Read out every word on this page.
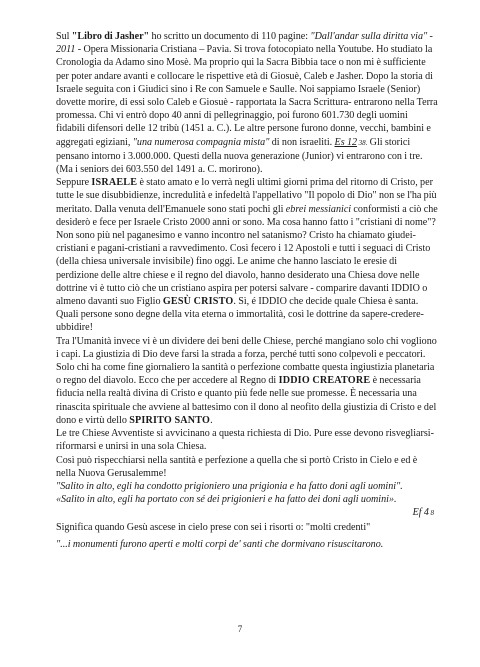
Sul "Libro di Jasher" ho scritto un documento di 110 pagine: "Dall'andar sulla diritta via" - 2011 - Opera Missionaria Cristiana – Pavia. Si trova fotocopiato nella Youtube. Ho studiato la Cronologia da Adamo sino Mosè. Ma proprio qui la Sacra Bibbia tace o non mi è sufficiente per poter andare avanti e collocare le rispettive età di Giosuè, Caleb e Jasher. Dopo la storia di Israele seguita con i Giudici sino i Re con Samuele e Saulle. Noi sappiamo Israele (Senior) dovette morire, di essi solo Caleb e Giosuè - rapportata la Sacra Scrittura- entrarono nella Terra promessa. Chi vi entrò dopo 40 anni di pellegrinaggio, poi furono 601.730 degli uomini fidabili difensori delle 12 tribù (1451 a. C.). Le altre persone furono donne, vecchi, bambini e aggregati egiziani, "una numerosa compagnia mista" di non israeliti. Es 12 38. Gli storici pensano intorno i 3.000.000. Questi della nuova generazione (Junior) vi entrarono con i tre. (Ma i seniors dei 603.550 del 1491 a. C. morirono).

Seppure ISRAELE è stato amato e lo verrà negli ultimi giorni prima del ritorno di Cristo, per tutte le sue disubbidienze, incredulità e infedeltà l'appellativo "Il popolo di Dio" non se l'ha più meritato. Dalla venuta dell'Emanuele sono stati pochi gli ebrei messianici conformisti a ciò che desiderò e fece per Israele Cristo 2000 anni or sono. Ma cosa hanno fatto i "cristiani di nome"? Non sono più nel paganesimo e vanno incontro nel satanismo? Cristo ha chiamato giudei-cristiani e pagani-cristiani a ravvedimento. Così fecero i 12 Apostoli e tutti i seguaci di Cristo (della chiesa universale invisibile) fino oggi. Le anime che hanno lasciato le eresie di perdizione delle altre chiese e il regno del diavolo, hanno desiderato una Chiesa dove nelle dottrine vi è tutto ciò che un cristiano aspira per potersi salvare - comparire davanti IDDIO o almeno davanti suo Figlio GESÙ CRISTO. Sì, é IDDIO che decide quale Chiesa è santa. Quali persone sono degne della vita eterna o immortalità, così le dottrine da sapere-credere-ubbidire!

Tra l'Umanità invece vi è un dividere dei beni delle Chiese, perché mangiano solo chi vogliono i capi. La giustizia di Dio deve farsi la strada a forza, perché tutti sono colpevoli e peccatori. Solo chi ha come fine giornaliero la santità o perfezione combatte questa ingiustizia planetaria o regno del diavolo. Ecco che per accedere al Regno di IDDIO CREATORE è necessaria fiducia nella realtà divina di Cristo e quanto più fede nelle sue promesse. È necessaria una rinascita spirituale che avviene al battesimo con il dono al neofito della giustizia di Cristo e del dono e virtù dello SPIRITO SANTO.

Le tre Chiese Avventiste si avvicinano a questa richiesta di Dio. Pure esse devono risvegliarsi-riformarsi e unirsi in una sola Chiesa.

Così può rispecchiarsi nella santità e perfezione a quella che si portò Cristo in Cielo e ed è nella Nuova Gerusalemme!

"Salito in alto, egli ha condotto prigioniero una prigionia e ha fatto doni agli uomini".

«Salito in alto, egli ha portato con sé dei prigionieri e ha fatto dei doni agli uomini».

Ef 4 8

Significa quando Gesù ascese in cielo prese con sei i risorti o: "molti credenti"

"...i monumenti furono aperti e molti corpi de' santi che dormivano risuscitarono.

7
